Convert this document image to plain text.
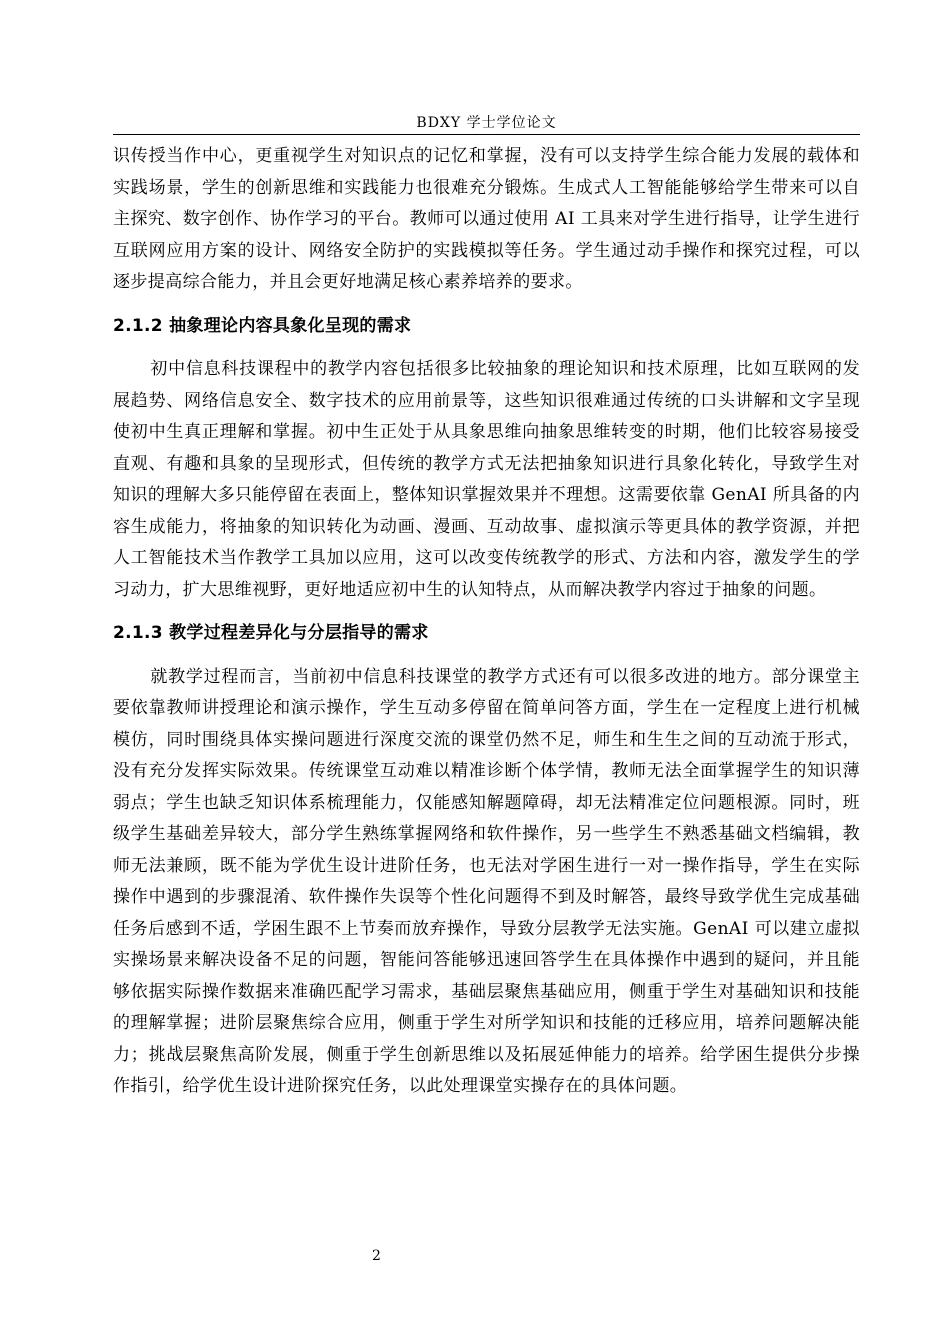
BDXY 学士学位论文

识传授当作中心，更重视学生对知识点的记忆和掌握，没有可以支持学生综合能力发展的载体和实践场景，学生的创新思维和实践能力也很难充分锻炼。生成式人工智能能够给学生带来可以自主探究、数字创作、协作学习的平台。教师可以通过使用 AI 工具来对学生进行指导，让学生进行互联网应用方案的设计、网络安全防护的实践模拟等任务。学生通过动手操作和探究过程，可以逐步提高综合能力，并且会更好地满足核心素养培养的要求。

2.1.2 抽象理论内容具象化呈现的需求

初中信息科技课程中的教学内容包括很多比较抽象的理论知识和技术原理，比如互联网的发展趋势、网络信息安全、数字技术的应用前景等，这些知识很难通过传统的口头讲解和文字呈现使初中生真正理解和掌握。初中生正处于从具象思维向抽象思维转变的时期，他们比较容易接受直观、有趣和具象的呈现形式，但传统的教学方式无法把抽象知识进行具象化转化，导致学生对知识的理解大多只能停留在表面上，整体知识掌握效果并不理想。这需要依靠 GenAI 所具备的内容生成能力，将抽象的知识转化为动画、漫画、互动故事、虚拟演示等更具体的教学资源，并把人工智能技术当作教学工具加以应用，这可以改变传统教学的形式、方法和内容，激发学生的学习动力，扩大思维视野，更好地适应初中生的认知特点，从而解决教学内容过于抽象的问题。

2.1.3 教学过程差异化与分层指导的需求

就教学过程而言，当前初中信息科技课堂的教学方式还有可以很多改进的地方。部分课堂主要依靠教师讲授理论和演示操作，学生互动多停留在简单问答方面，学生在一定程度上进行机械模仿，同时围绕具体实操问题进行深度交流的课堂仍然不足，师生和生生之间的互动流于形式，没有充分发挥实际效果。传统课堂互动难以精准诊断个体学情，教师无法全面掌握学生的知识薄弱点；学生也缺乏知识体系梳理能力，仅能感知解题障碍，却无法精准定位问题根源。同时，班级学生基础差异较大，部分学生熟练掌握网络和软件操作，另一些学生不熟悉基础文档编辑，教师无法兼顾，既不能为学优生设计进阶任务，也无法对学困生进行一对一操作指导，学生在实际操作中遇到的步骤混淆、软件操作失误等个性化问题得不到及时解答，最终导致学优生完成基础任务后感到不适，学困生跟不上节奏而放弃操作，导致分层教学无法实施。GenAI 可以建立虚拟实操场景来解决设备不足的问题，智能问答能够迅速回答学生在具体操作中遇到的疑问，并且能够依据实际操作数据来准确匹配学习需求，基础层聚焦基础应用，侧重于学生对基础知识和技能的理解掌握；进阶层聚焦综合应用，侧重于学生对所学知识和技能的迁移应用，培养问题解决能力；挑战层聚焦高阶发展，侧重于学生创新思维以及拓展延伸能力的培养。给学困生提供分步操作指引，给学优生设计进阶探究任务，以此处理课堂实操存在的具体问题。

2
